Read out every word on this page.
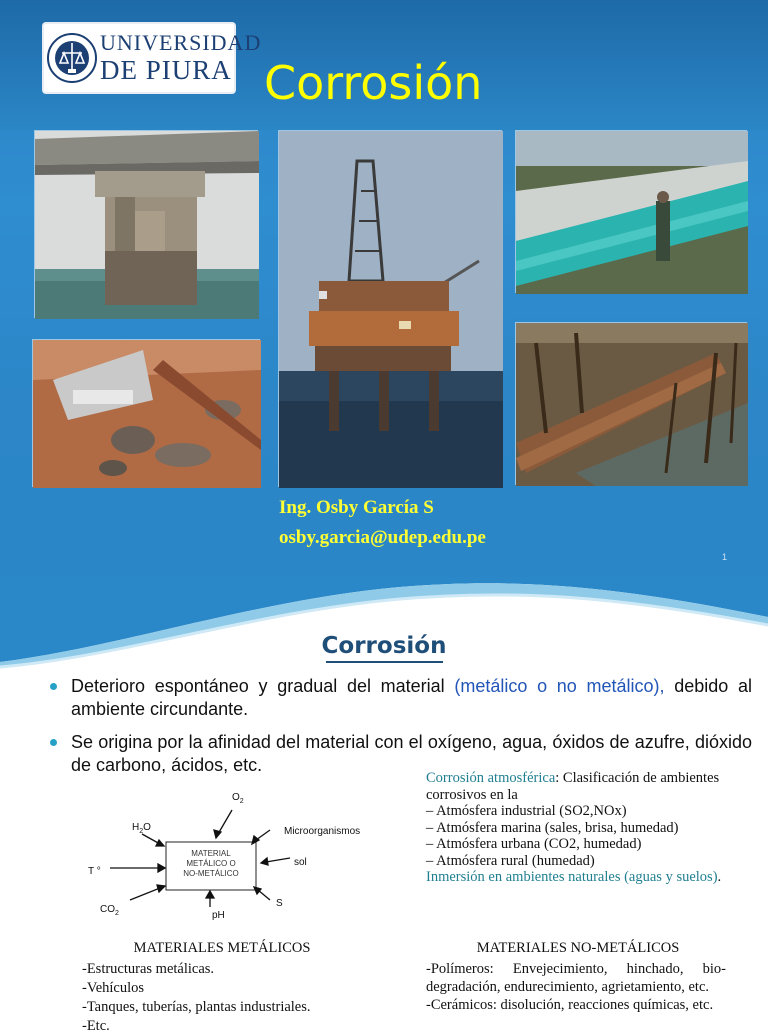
UNIVERSIDAD
DE PIURA Corrosión
Ing. Osby García S
osby.garcia@udep.edu.pe
1
Corrosión
Deterioro espontáneo y gradual del material (metálico o no metálico), debido al ambiente circundante.
Se origina por la afinidad del material con el oxígeno, agua, óxidos de azufre, dióxido de carbono, ácidos, etc.
MATERIAL
METÁLICO O
NO-METÁLICO
$O_2$
$H_2O$	Microorganismos
sol
T °
$CO_2$	pH
S
Corrosión atmosférica: Clasificación de ambientes corrosivos en la
– Atmósfera industrial (SO2,NOx)
– Atmósfera marina (sales, brisa, humedad)
– Atmósfera urbana (CO2, humedad)
– Atmósfera rural (humedad)
Inmersión en ambientes naturales (aguas y suelos).
MATERIALES METÁLICOS
-Estructuras metálicas.
-Vehículos
-Tanques, tuberías, plantas industriales.
-Etc.
MATERIALES NO-METÁLICOS
-Polímeros: Envejecimiento, hinchado, bio-degradación, endurecimiento, agrietamiento, etc.
-Cerámicos: disolución, reacciones químicas, etc.
